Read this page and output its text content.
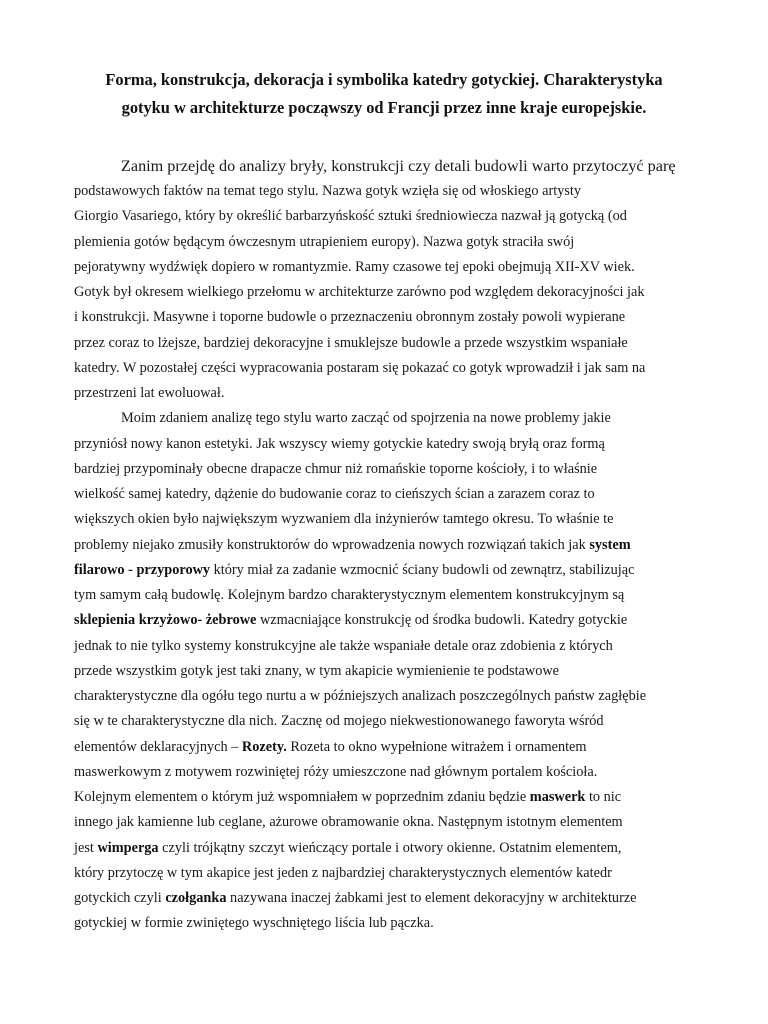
Forma, konstrukcja, dekoracja i symbolika katedry gotyckiej. Charakterystyka
gotyku w architekturze począwszy od Francji przez inne kraje europejskie.
Zanim przejdę do analizy bryły, konstrukcji czy detali budowli warto przytoczyć parę
podstawowych faktów na temat tego stylu. Nazwa gotyk wzięła się od włoskiego artysty
Giorgio Vasariego, który by określić barbarzyńskość sztuki średniowiecza nazwał ją gotycką (od
plemienia gotów będącym ówczesnym utrapieniem europy). Nazwa gotyk straciła swój
pejoratywny wydźwięk dopiero w romantyzmie. Ramy czasowe tej epoki obejmują XII-XV wiek.
Gotyk był okresem wielkiego przełomu w architekturze zarówno pod względem dekoracyjności jak
i konstrukcji. Masywne i toporne budowle o przeznaczeniu obronnym zostały powoli wypierane
przez coraz to lżejsze, bardziej dekoracyjne i smuklejsze budowle a przede wszystkim wspaniałe
katedry. W pozostałej części wypracowania postaram się pokazać co gotyk wprowadził i jak sam na
przestrzeni lat ewoluował.
Moim zdaniem analizę tego stylu warto zacząć od spojrzenia na nowe problemy jakie
przyniósł nowy kanon estetyki. Jak wszyscy wiemy gotyckie katedry swoją bryłą oraz formą
bardziej przypominały obecne drapacze chmur niż romańskie toporne kościoły, i to właśnie
wielkość samej katedry, dążenie do budowanie coraz to cieńszych ścian a zarazem coraz to
większych okien było największym wyzwaniem dla inżynierów tamtego okresu. To właśnie te
problemy niejako zmusiły konstruktorów do wprowadzenia nowych rozwiązań takich jak system
filarowo - przyporowy który miał za zadanie wzmocnić ściany budowli od zewnątrz, stabilizując
tym samym całą budowlę. Kolejnym bardzo charakterystycznym elementem konstrukcyjnym są
sklepienia krzyżowo- żebrowe wzmacniające konstrukcję od środka budowli. Katedry gotyckie
jednak to nie tylko systemy konstrukcyjne ale także wspaniałe detale oraz zdobienia z których
przede wszystkim gotyk jest taki znany, w tym akapicie wymienienie te podstawowe
charakterystyczne dla ogółu tego nurtu a w późniejszych analizach poszczególnych państw zagłębie
się w te charakterystyczne dla nich. Zacznę od mojego niekwestionowanego faworyta wśród
elementów deklaracyjnych – Rozety. Rozeta to okno wypełnione witrażem i ornamentem
maswerkowym z motywem rozwiniętej róży umieszczone nad głównym portalem kościoła.
Kolejnym elementem o którym już wspomniałem w poprzednim zdaniu będzie maswerk to nic
innego jak kamienne lub ceglane, ażurowe obramowanie okna. Następnym istotnym elementem
jest wimperga czyli trójkątny szczyt wieńczący portale i otwory okienne. Ostatnim elementem,
który przytoczę w tym akapice jest jeden z najbardziej charakterystycznych elementów katedr
gotyckich czyli czołganka nazywana inaczej żabkami jest to element dekoracyjny w architekturze
gotyckiej w formie zwiniętego wyschniętego liścia lub pączka.
